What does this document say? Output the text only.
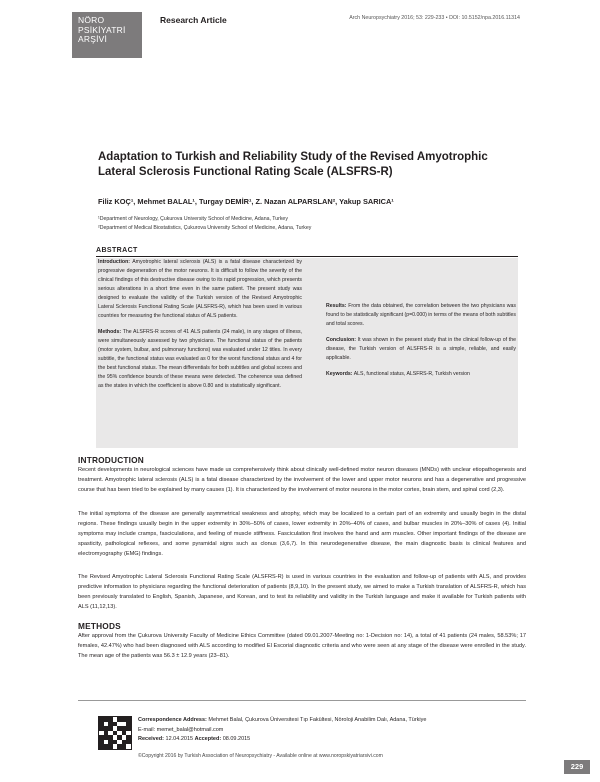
NÖRO
PSİKİYATRİ
ARŞİVİ
Research Article	Arch Neuropsychiatry 2016; 53: 229-233 • DOI: 10.5152/npa.2016.11314
Adaptation to Turkish and Reliability Study of the Revised Amyotrophic Lateral Sclerosis Functional Rating Scale (ALSFRS-R)
Filiz KOÇ¹, Mehmet BALAL¹, Turgay DEMİR¹, Z. Nazan ALPARSLAN², Yakup SARICA¹
¹Department of Neurology, Çukurova University School of Medicine, Adana, Turkey
²Department of Medical Biostatistics, Çukurova University School of Medicine, Adana, Turkey
ABSTRACT

Introduction: Amyotrophic lateral sclerosis (ALS) is a fatal disease characterized by progressive degeneration of the motor neurons. It is difficult to follow the severity of the clinical findings of this destructive disease owing to its rapid progression, which presents serious alterations in a short time even in the same patient. The present study was designed to evaluate the validity of the Turkish version of the Revised Amyotrophic Lateral Sclerosis Functional Rating Scale (ALSFRS-R), which has been used in various countries for measuring the functional status of ALS patients.

Methods: The ALSFRS-R scores of 41 ALS patients (24 male), in any stages of illness, were simultaneously assessed by two physicians. The functional status of the patients (motor system, bulbar, and pulmonary functions) was evaluated under 12 titles. In every subtitle, the functional status was evaluated as 0 for the worst functional status and 4 for the best functional status. The mean differentials for both subtitles and global scores and the 95% confidence bounds of these means were detected. The coherence was defined as the states in which the coefficient is above 0.80 and is statistically significant.

Results: From the data obtained, the correlation between the two physicians was found to be statistically significant (p=0.000) in terms of the means of both subtitles and total scores.

Conclusion: It was shown in the present study that in the clinical follow-up of the disease, the Turkish version of ALSFRS-R is a simple, reliable, and easily applicable.

Keywords: ALS, functional status, ALSFRS-R, Turkish version

INTRODUCTION

Recent developments in neurological sciences have made us comprehensively think about clinically well-defined motor neuron diseases (MNDs) with unclear etiopathogenesis and treatment. Amyotrophic lateral sclerosis (ALS) is a fatal disease characterized by the involvement of the lower and upper motor neurons and has a degenerative and progressive course that has been tried to be explained by many causes (1). It is characterized by the involvement of motor neurons in the motor cortex, brain stem, and spinal cord (2,3).

The initial symptoms of the disease are generally asymmetrical weakness and atrophy, which may be localized to a certain part of an extremity and usually begin in the distal regions. These findings usually begin in the upper extremity in 30%–50% of cases, lower extremity in 20%–40% of cases, and bulbar muscles in 20%–30% of cases (4). Initial symptoms may include cramps, fasciculations, and feeling of muscle stiffness. Fasciculation first involves the hand and arm muscles. Other important findings of the disease are spasticity, pathological reflexes, and some pyramidal signs such as clonus (3,6,7). In this neurodegenerative disease, the main diagnostic basis is clinical features and electromyography (EMG) findings.

The Revised Amyotrophic Lateral Sclerosis Functional Rating Scale (ALSFRS-R) is used in various countries in the evaluation and follow-up of patients with ALS, and provides predictive information to physicians regarding the functional deterioration of patients (8,9,10). In the present study, we aimed to make a Turkish translation of ALSFRS-R, which has been previously translated to English, Spanish, Japanese, and Korean, and to test its reliability and validity in the Turkish language and make it available for Turkish patients with ALS (11,12,13).

METHODS

After approval from the Çukurova University Faculty of Medicine Ethics Committee (dated 09.01.2007-Meeting no: 1-Decision no: 14), a total of 41 patients (24 males, 58.53%; 17 females, 42.47%) who had been diagnosed with ALS according to modified El Escorial diagnostic criteria and who were seen at any stage of the disease were enrolled in the study. The mean age of the patients was 56.3 ± 12.9 years (23–81).

Correspondence Address: Mehmet Balal, Çukurova Üniversitesi Tıp Fakültesi, Nöroloji Anabilim Dalı, Adana, Türkiye
E-mail: memet_balal@hotmail.com
Received: 12.04.2015 Accepted: 08.09.2015
©Copyright 2016 by Turkish Association of Neuropsychiatry - Available online at www.noropskiyatriarsivi.com
229
